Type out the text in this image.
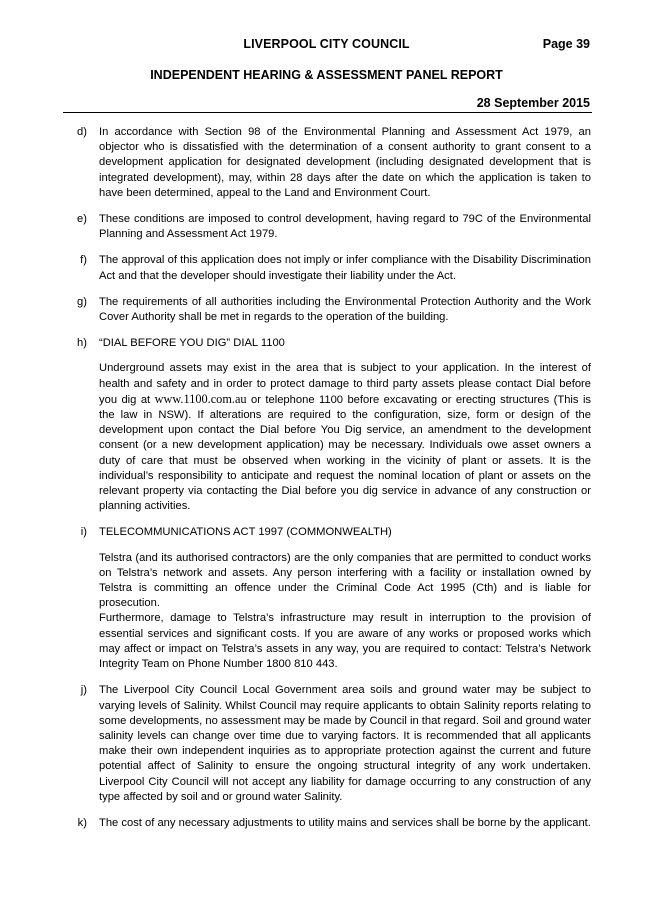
LIVERPOOL CITY COUNCIL	Page 39
INDEPENDENT HEARING & ASSESSMENT PANEL REPORT
28 September 2015
d) In accordance with Section 98 of the Environmental Planning and Assessment Act 1979, an objector who is dissatisfied with the determination of a consent authority to grant consent to a development application for designated development (including designated development that is integrated development), may, within 28 days after the date on which the application is taken to have been determined, appeal to the Land and Environment Court.

e) These conditions are imposed to control development, having regard to 79C of the Environmental Planning and Assessment Act 1979.

f) The approval of this application does not imply or infer compliance with the Disability Discrimination Act and that the developer should investigate their liability under the Act.

g) The requirements of all authorities including the Environmental Protection Authority and the Work Cover Authority shall be met in regards to the operation of the building.

h) “DIAL BEFORE YOU DIG” DIAL 1100

Underground assets may exist in the area that is subject to your application. In the interest of health and safety and in order to protect damage to third party assets please contact Dial before you dig at www.1100.com.au or telephone 1100 before excavating or erecting structures (This is the law in NSW). If alterations are required to the configuration, size, form or design of the development upon contact the Dial before You Dig service, an amendment to the development consent (or a new development application) may be necessary. Individuals owe asset owners a duty of care that must be observed when working in the vicinity of plant or assets. It is the individual’s responsibility to anticipate and request the nominal location of plant or assets on the relevant property via contacting the Dial before you dig service in advance of any construction or planning activities.

i) TELECOMMUNICATIONS ACT 1997 (COMMONWEALTH)

Telstra (and its authorised contractors) are the only companies that are permitted to conduct works on Telstra’s network and assets. Any person interfering with a facility or installation owned by Telstra is committing an offence under the Criminal Code Act 1995 (Cth) and is liable for prosecution.

Furthermore, damage to Telstra’s infrastructure may result in interruption to the provision of essential services and significant costs. If you are aware of any works or proposed works which may affect or impact on Telstra’s assets in any way, you are required to contact: Telstra’s Network Integrity Team on Phone Number 1800 810 443.

j) The Liverpool City Council Local Government area soils and ground water may be subject to varying levels of Salinity. Whilst Council may require applicants to obtain Salinity reports relating to some developments, no assessment may be made by Council in that regard. Soil and ground water salinity levels can change over time due to varying factors. It is recommended that all applicants make their own independent inquiries as to appropriate protection against the current and future potential affect of Salinity to ensure the ongoing structural integrity of any work undertaken. Liverpool City Council will not accept any liability for damage occurring to any construction of any type affected by soil and or ground water Salinity.

k) The cost of any necessary adjustments to utility mains and services shall be borne by the applicant.
